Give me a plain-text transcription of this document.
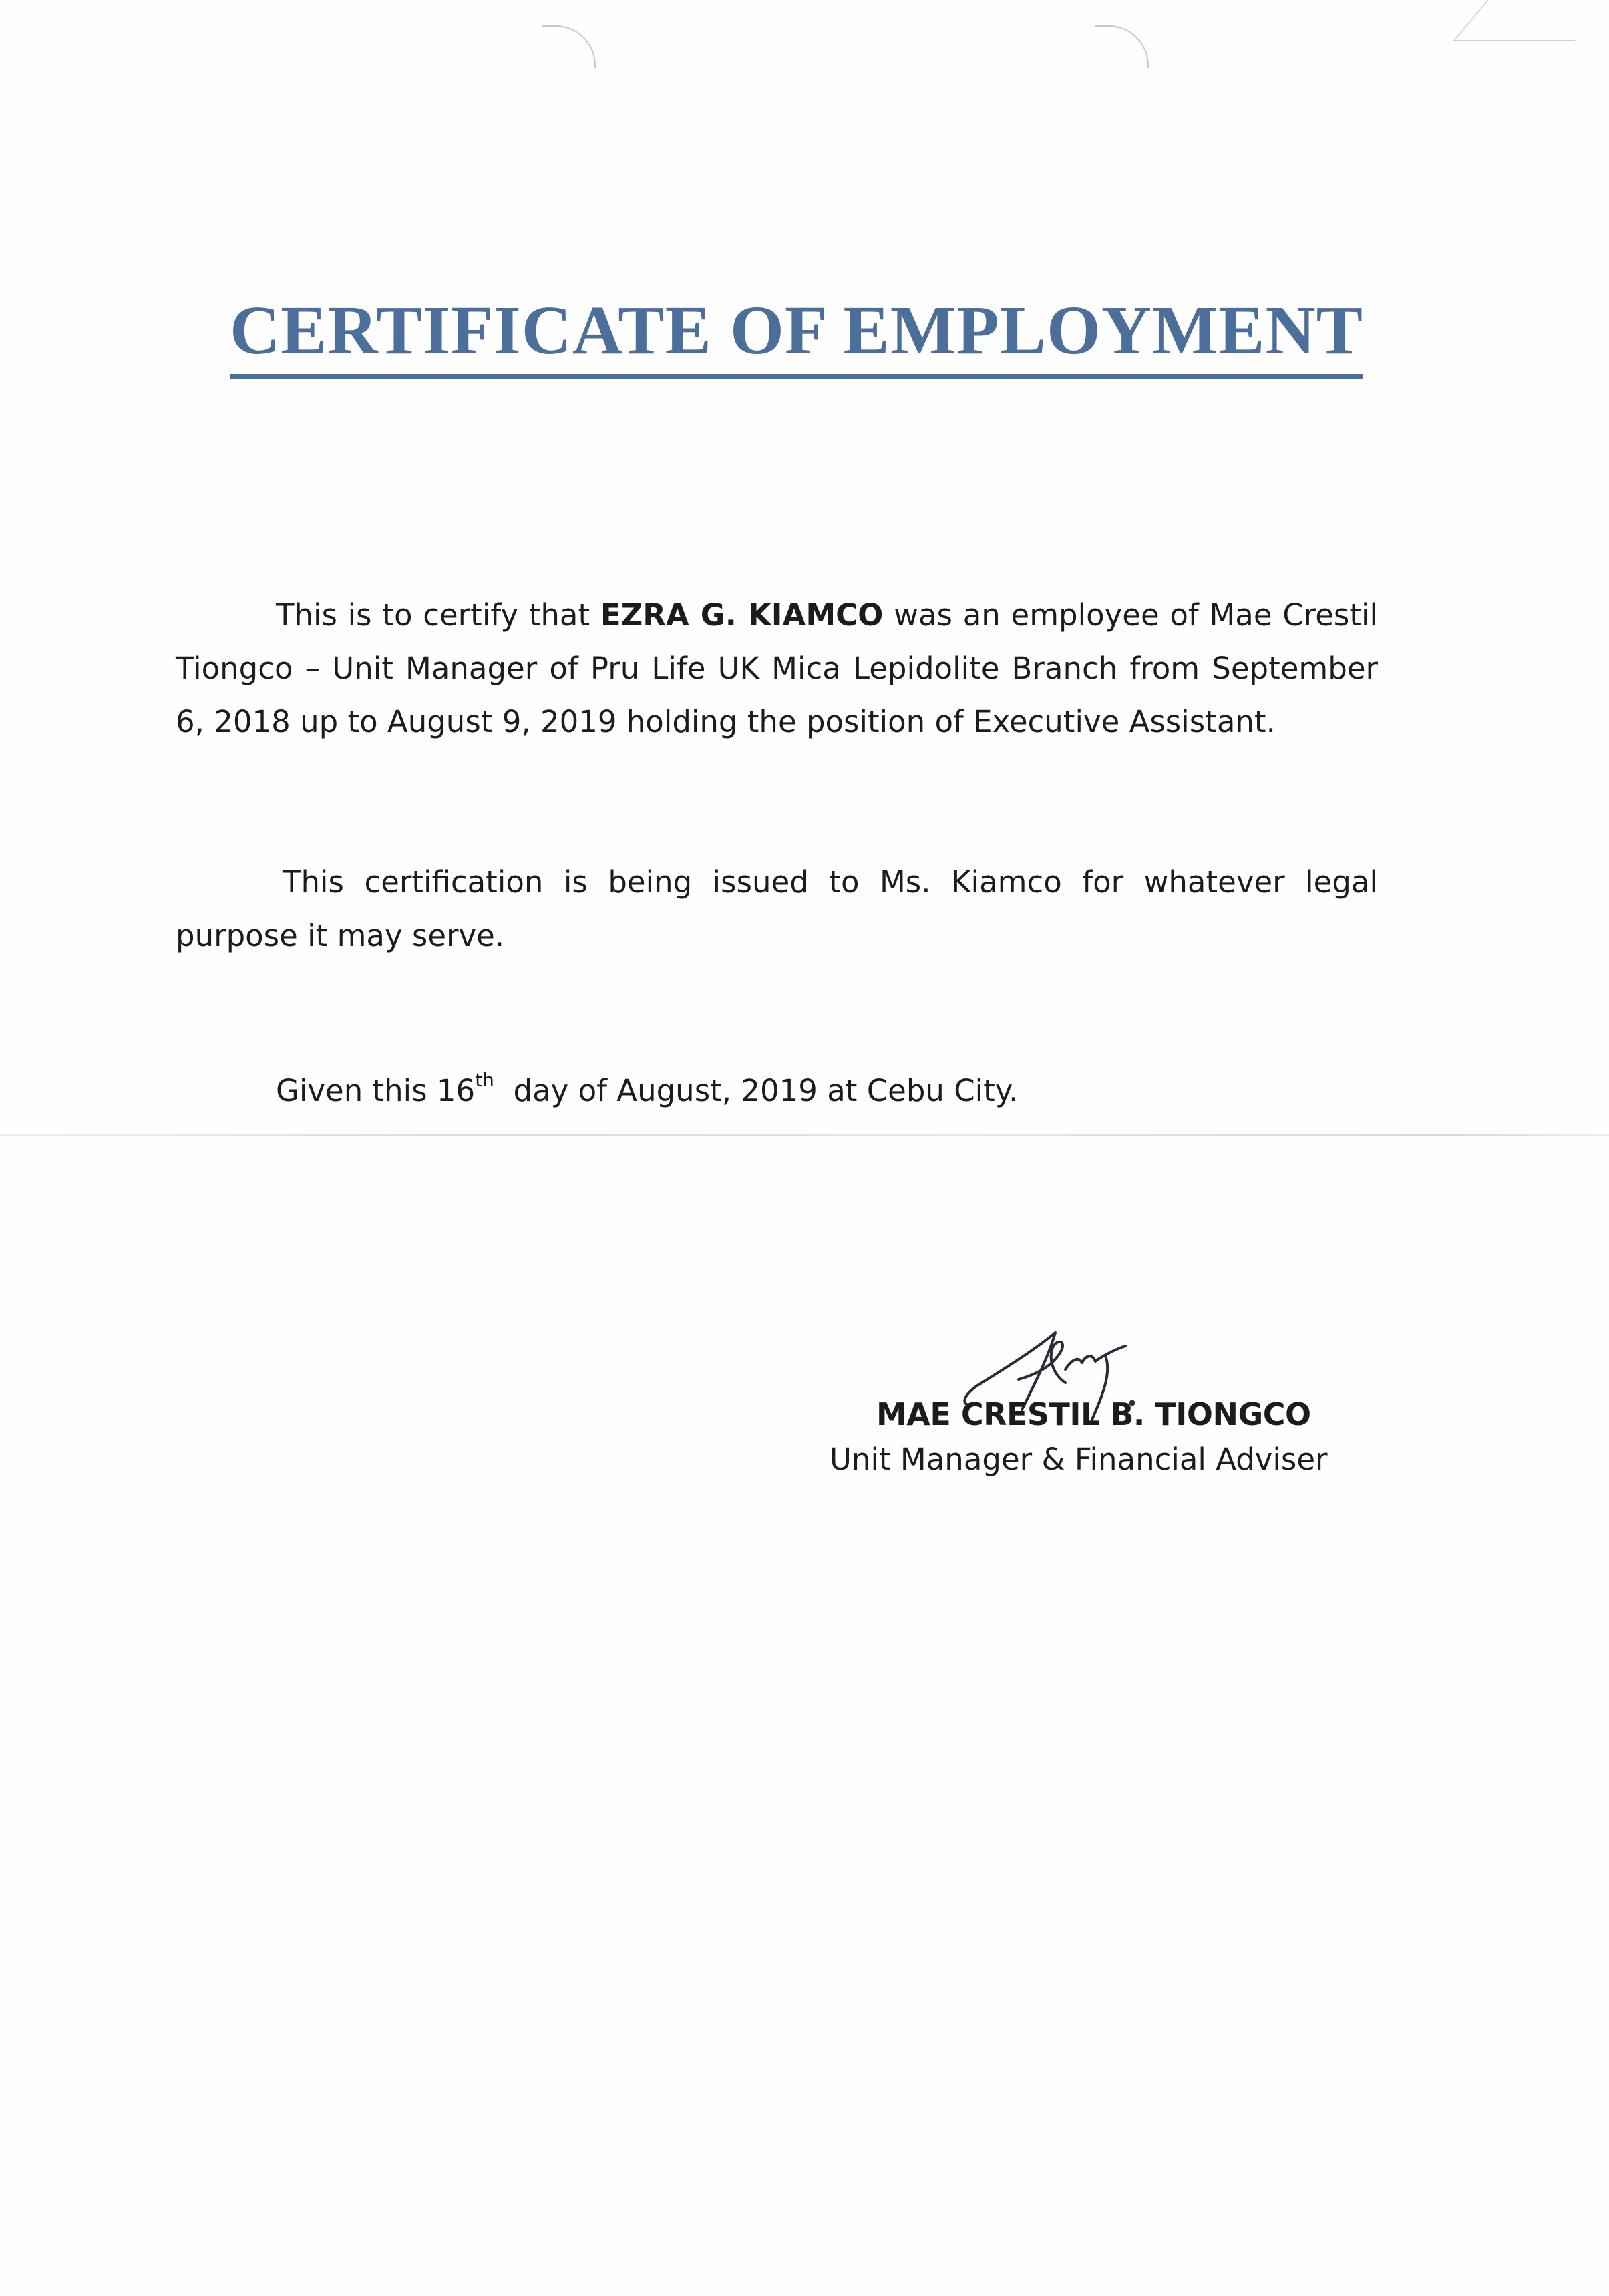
CERTIFICATE OF EMPLOYMENT

This is to certify that EZRA G. KIAMCO was an employee of Mae Crestil Tiongco – Unit Manager of Pru Life UK Mica Lepidolite Branch from September 6, 2018 up to August 9, 2019 holding the position of Executive Assistant.

This certification is being issued to Ms. Kiamco for whatever legal purpose it may serve.

Given this 16th  day of August, 2019 at Cebu City.

MAE CRESTIL B. TIONGCO
Unit Manager & Financial Adviser
